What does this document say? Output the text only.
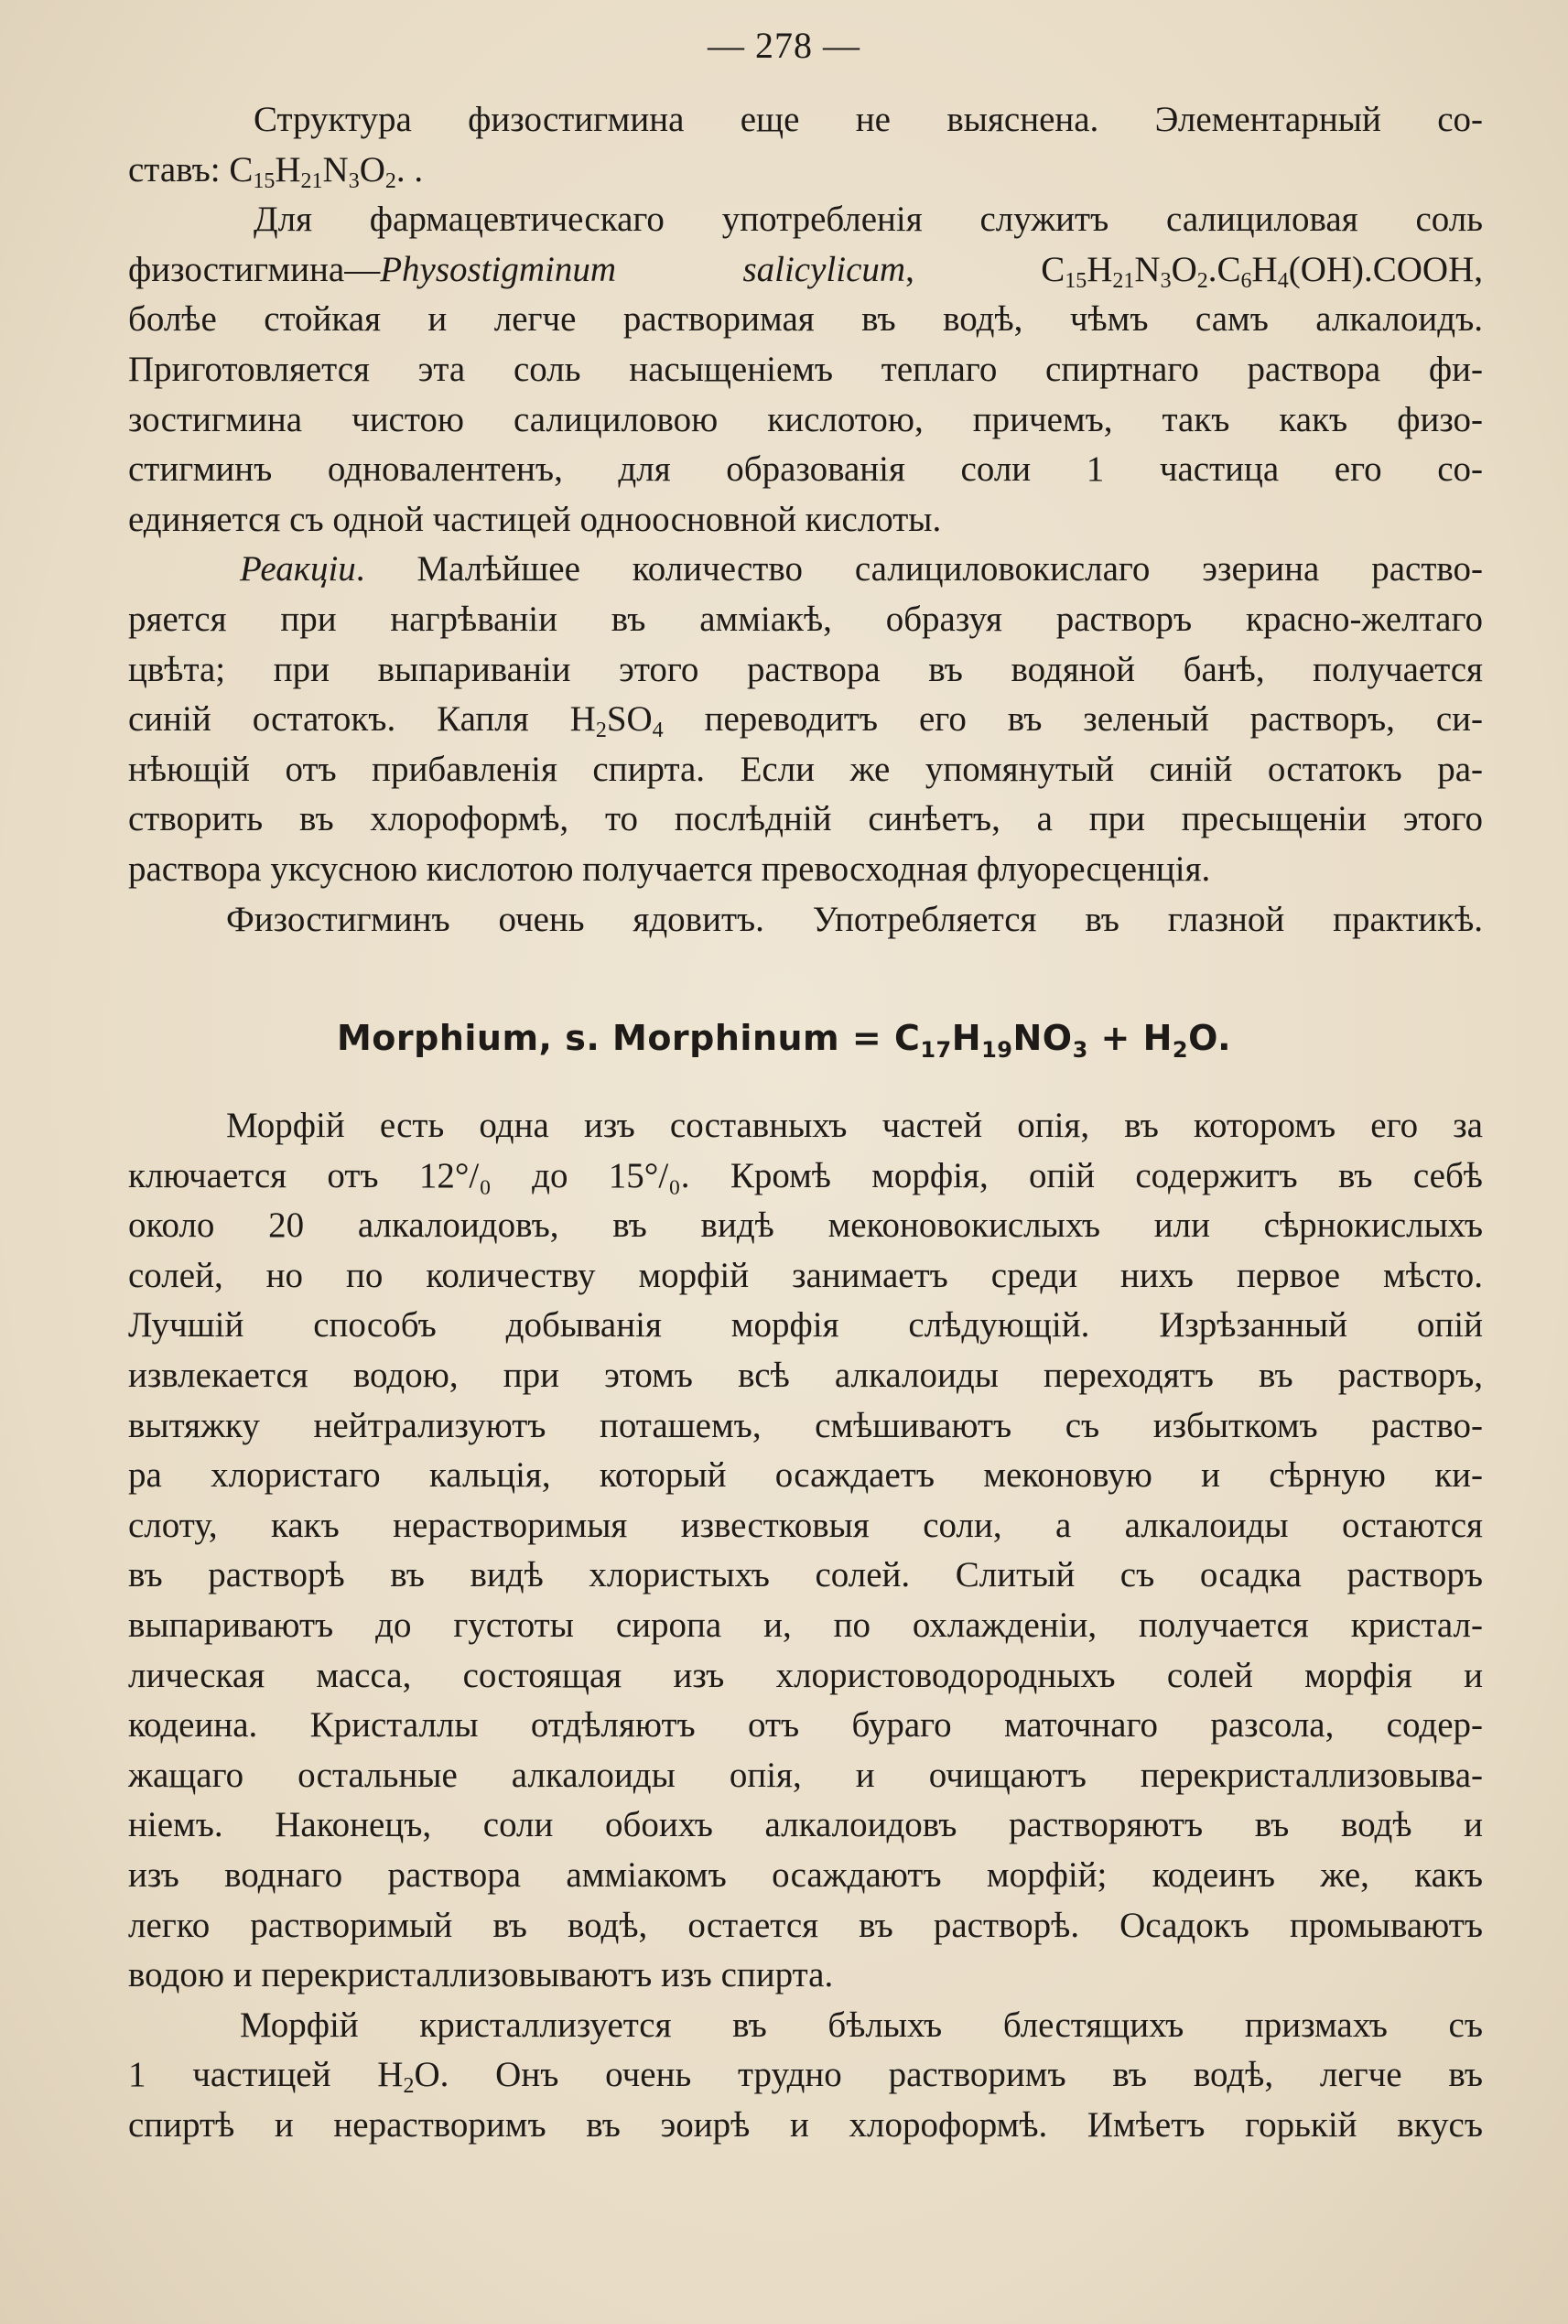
— 278 —
Структура физостигмина еще не выяснена. Элементарный со-
ставъ: $C_{15}H_{21}N_3O_2$. .
Для фармацевтическаго употребленія служитъ салициловая соль
физостигмина—Physostigminum salicylicum, $C_{15}H_{21}N_3O_2.C_6H_4(OH).COOH$,
болѣе стойкая и легче растворимая въ водѣ, чѣмъ самъ алкалоидъ.
Приготовляется эта соль насыщеніемъ теплаго спиртнаго раствора фи-
зостигмина чистою салициловою кислотою, причемъ, такъ какъ физо-
стигминъ одновалентенъ, для образованія соли 1 частица его со-
единяется съ одной частицей одноосновной кислоты.
Реакціи. Малѣйшее количество салициловокислаго эзерина раство-
ряется при нагрѣваніи въ амміакѣ, образуя растворъ красно-желтаго
цвѣта; при выпариваніи этого раствора въ водяной банѣ, получается
синій остатокъ. Капля $H_2SO_4$ переводитъ его въ зеленый растворъ, си-
нѣющій отъ прибавленія спирта. Если же упомянутый синій остатокъ ра-
створить въ хлороформѣ, то послѣдній синѣетъ, а при пресыщеніи этого
раствора уксусною кислотою получается превосходная флуоресценція.
Физостигминъ очень ядовитъ. Употребляется въ глазной практикѣ.
Morphium, s. Morphinum = $C_{17}H_{19}NO_3 + H_2O$.
Морфій есть одна изъ составныхъ частей опія, въ которомъ его за
ключается отъ 12°/₀ до 15°/₀. Кромѣ морфія, опій содержитъ въ себѣ
около 20 алкалоидовъ, въ видѣ меконовокислыхъ или сѣрнокислыхъ
солей, но по количеству морфій занимаетъ среди нихъ первое мѣсто.
Лучшій способъ добыванія морфія слѣдующій. Изрѣзанный опій
извлекается водою, при этомъ всѣ алкалоиды переходятъ въ растворъ,
вытяжку нейтрализуютъ поташемъ, смѣшиваютъ съ избыткомъ раство-
ра хлористаго кальція, который осаждаетъ меконовую и сѣрную ки-
слоту, какъ нерастворимыя известковыя соли, а алкалоиды остаются
въ растворѣ въ видѣ хлористыхъ солей. Слитый съ осадка растворъ
выпариваютъ до густоты сиропа и, по охлажденіи, получается кристал-
лическая масса, состоящая изъ хлористоводородныхъ солей морфія и
кодеина. Кристаллы отдѣляютъ отъ бураго маточнаго разсола, содер-
жащаго остальные алкалоиды опія, и очищаютъ перекристаллизовыва-
ніемъ. Наконецъ, соли обоихъ алкалоидовъ растворяютъ въ водѣ и
изъ воднаго раствора амміакомъ осаждаютъ морфій; кодеинъ же, какъ
легко растворимый въ водѣ, остается въ растворѣ. Осадокъ промываютъ
водою и перекристаллизовываютъ изъ спирта.
Морфій кристаллизуется въ бѣлыхъ блестящихъ призмахъ съ
1 частицей $H_2O$. Онъ очень трудно растворимъ въ водѣ, легче въ
спиртѣ и нерастворимъ въ эоирѣ и хлороформѣ. Имѣетъ горькій вкусъ
